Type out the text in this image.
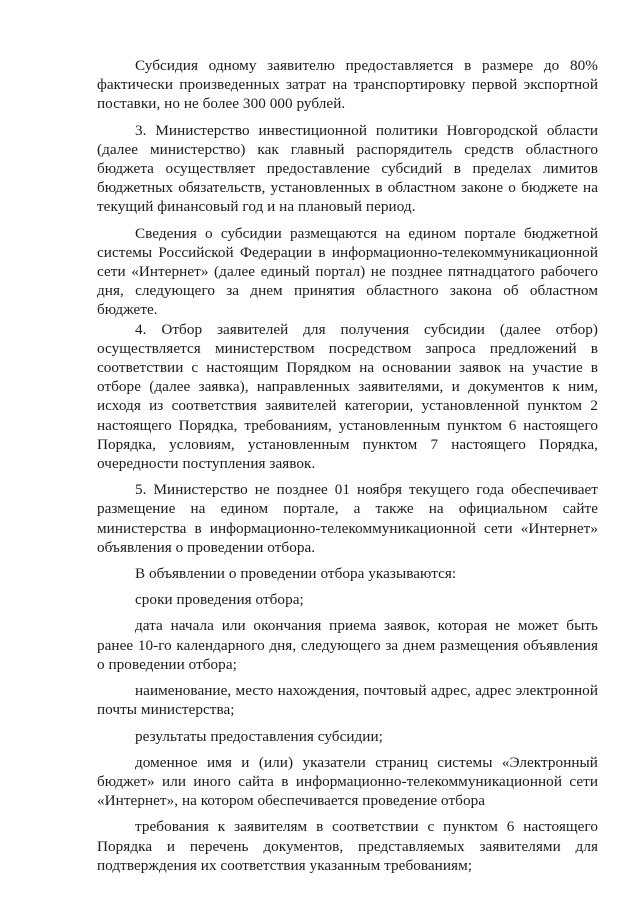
Субсидия одному заявителю предоставляется в размере до 80% фактически произведенных затрат на транспортировку первой экспортной поставки, но не более 300 000 рублей.

3. Министерство инвестиционной политики Новгородской области (далее министерство) как главный распорядитель средств областного бюджета осуществляет предоставление субсидий в пределах лимитов бюджетных обязательств, установленных в областном законе о бюджете на текущий финансовый год и на плановый период.

Сведения о субсидии размещаются на едином портале бюджетной системы Российской Федерации в информационно-телекоммуникационной сети «Интернет» (далее единый портал) не позднее пятнадцатого рабочего дня, следующего за днем принятия областного закона об областном бюджете.

4. Отбор заявителей для получения субсидии (далее отбор) осуществляется министерством посредством запроса предложений в соответствии с настоящим Порядком на основании заявок на участие в отборе (далее заявка), направленных заявителями, и документов к ним, исходя из соответствия заявителей категории, установленной пунктом 2 настоящего Порядка, требованиям, установленным пунктом 6 настоящего Порядка, условиям, установленным пунктом 7 настоящего Порядка, очередности поступления заявок.

5. Министерство не позднее 01 ноября текущего года обеспечивает размещение на едином портале, а также на официальном сайте министерства в информационно-телекоммуникационной сети «Интернет» объявления о проведении отбора.

В объявлении о проведении отбора указываются:

сроки проведения отбора;

дата начала или окончания приема заявок, которая не может быть ранее 10-го календарного дня, следующего за днем размещения объявления о проведении отбора;

наименование, место нахождения, почтовый адрес, адрес электронной почты министерства;

результаты предоставления субсидии;

доменное имя и (или) указатели страниц системы «Электронный бюджет» или иного сайта в информационно-телекоммуникационной сети «Интернет», на котором обеспечивается проведение отбора

требования к заявителям в соответствии с пунктом 6 настоящего Порядка и перечень документов, представляемых заявителями для подтверждения их соответствия указанным требованиям;
